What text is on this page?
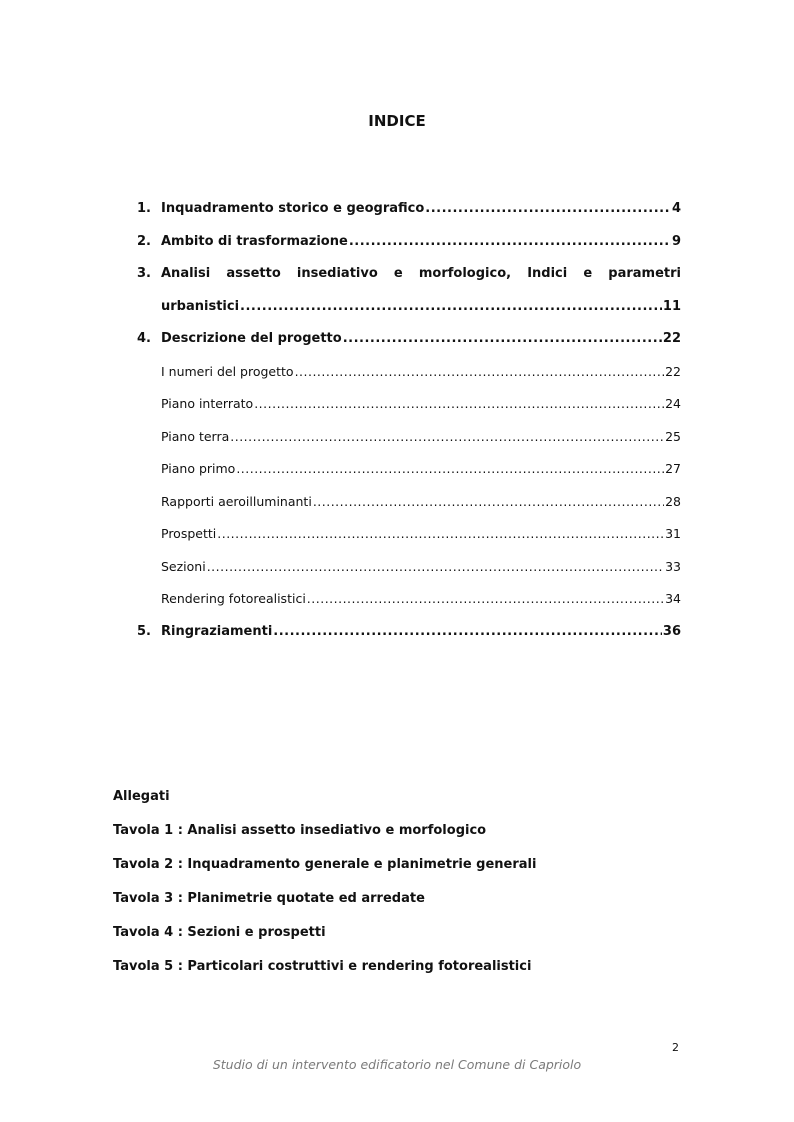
INDICE
1. Inquadramento storico e geografico .....	4
2. Ambito di trasformazione .....	9
3. Analisi assetto insediativo e morfologico, Indici e parametri
urbanistici .....	11
4. Descrizione del progetto .....	22
I numeri del progetto .....	22
Piano interrato .....	24
Piano terra .....	25
Piano primo .....	27
Rapporti aeroilluminanti .....	28
Prospetti .....	31
Sezioni .....	33
Rendering fotorealistici .....	34
5. Ringraziamenti .....	36
Allegati
Tavola 1 : Analisi assetto insediativo e morfologico
Tavola 2 : Inquadramento generale e planimetrie generali
Tavola 3 : Planimetrie quotate ed arredate
Tavola 4 : Sezioni e prospetti
Tavola 5 : Particolari costruttivi e rendering fotorealistici
2
Studio di un intervento edificatorio nel Comune di Capriolo
